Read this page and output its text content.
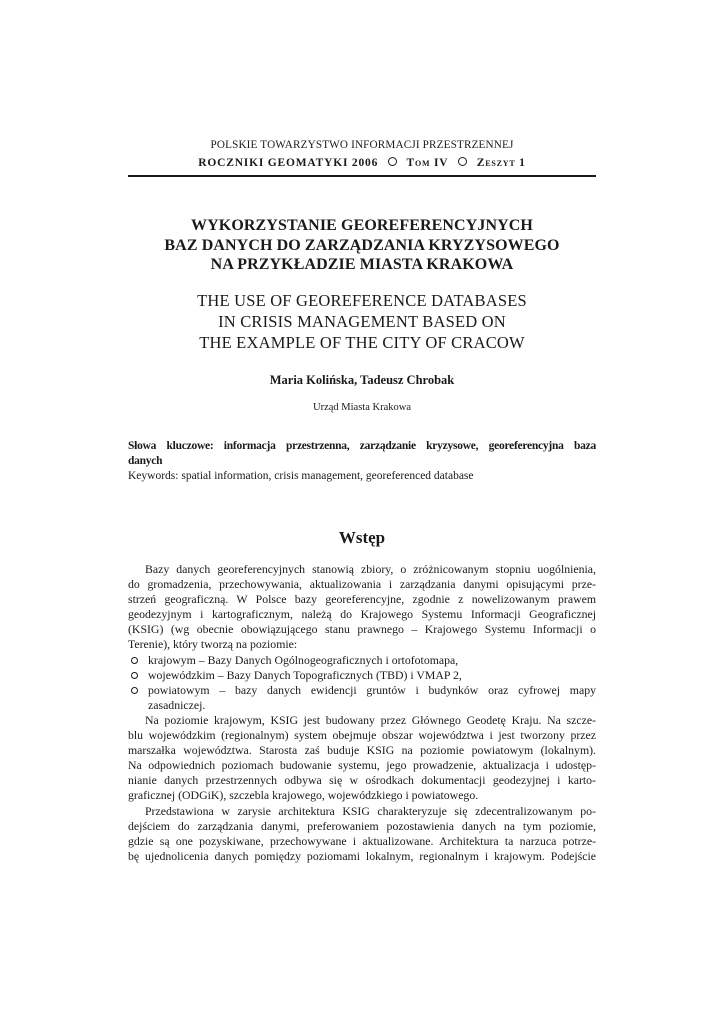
POLSKIE TOWARZYSTWO INFORMACJI PRZESTRZENNEJ
ROCZNIKI GEOMATYKI 2006 Tom IV Zeszyt 1
WYKORZYSTANIE GEOREFERENCYJNYCH
BAZ DANYCH DO ZARZĄDZANIA KRYZYSOWEGO
NA PRZYKŁADZIE MIASTA KRAKOWA
THE USE OF GEOREFERENCE DATABASES
IN CRISIS MANAGEMENT BASED ON
THE EXAMPLE OF THE CITY OF CRACOW
Maria Kolińska, Tadeusz Chrobak
Urząd Miasta Krakowa
Słowa kluczowe: informacja przestrzenna, zarządzanie kryzysowe, georeferencyjna baza
danych
Keywords: spatial information, crisis management, georeferenced database
Wstęp

Bazy danych georeferencyjnych stanowią zbiory, o zróżnicowanym stopniu uogólnienia,
do gromadzenia, przechowywania, aktualizowania i zarządzania danymi opisującymi prze-
strzeń geograficzną. W Polsce bazy georeferencyjne, zgodnie z nowelizowanym prawem
geodezyjnym i kartograficznym, należą do Krajowego Systemu Informacji Geograficznej
(KSIG) (wg obecnie obowiązującego stanu prawnego – Krajowego Systemu Informacji o
Terenie), który tworzą na poziomie:

krajowym – Bazy Danych Ogólnogeograficznych i ortofotomapa,
wojewódzkim – Bazy Danych Topograficznych (TBD) i VMAP 2,
powiatowym – bazy danych ewidencji gruntów i budynków oraz cyfrowej mapy
zasadniczej.

Na poziomie krajowym, KSIG jest budowany przez Głównego Geodetę Kraju. Na szcze-
blu wojewódzkim (regionalnym) system obejmuje obszar województwa i jest tworzony przez
marszałka województwa. Starosta zaś buduje KSIG na poziomie powiatowym (lokalnym).
Na odpowiednich poziomach budowanie systemu, jego prowadzenie, aktualizacja i udostęp-
nianie danych przestrzennych odbywa się w ośrodkach dokumentacji geodezyjnej i karto-
graficznej (ODGiK), szczebla krajowego, wojewódzkiego i powiatowego.

Przedstawiona w zarysie architektura KSIG charakteryzuje się zdecentralizowanym po-
dejściem do zarządzania danymi, preferowaniem pozostawienia danych na tym poziomie,
gdzie są one pozyskiwane, przechowywane i aktualizowane. Architektura ta narzuca potrze-
bę ujednolicenia danych pomiędzy poziomami lokalnym, regionalnym i krajowym. Podejście
